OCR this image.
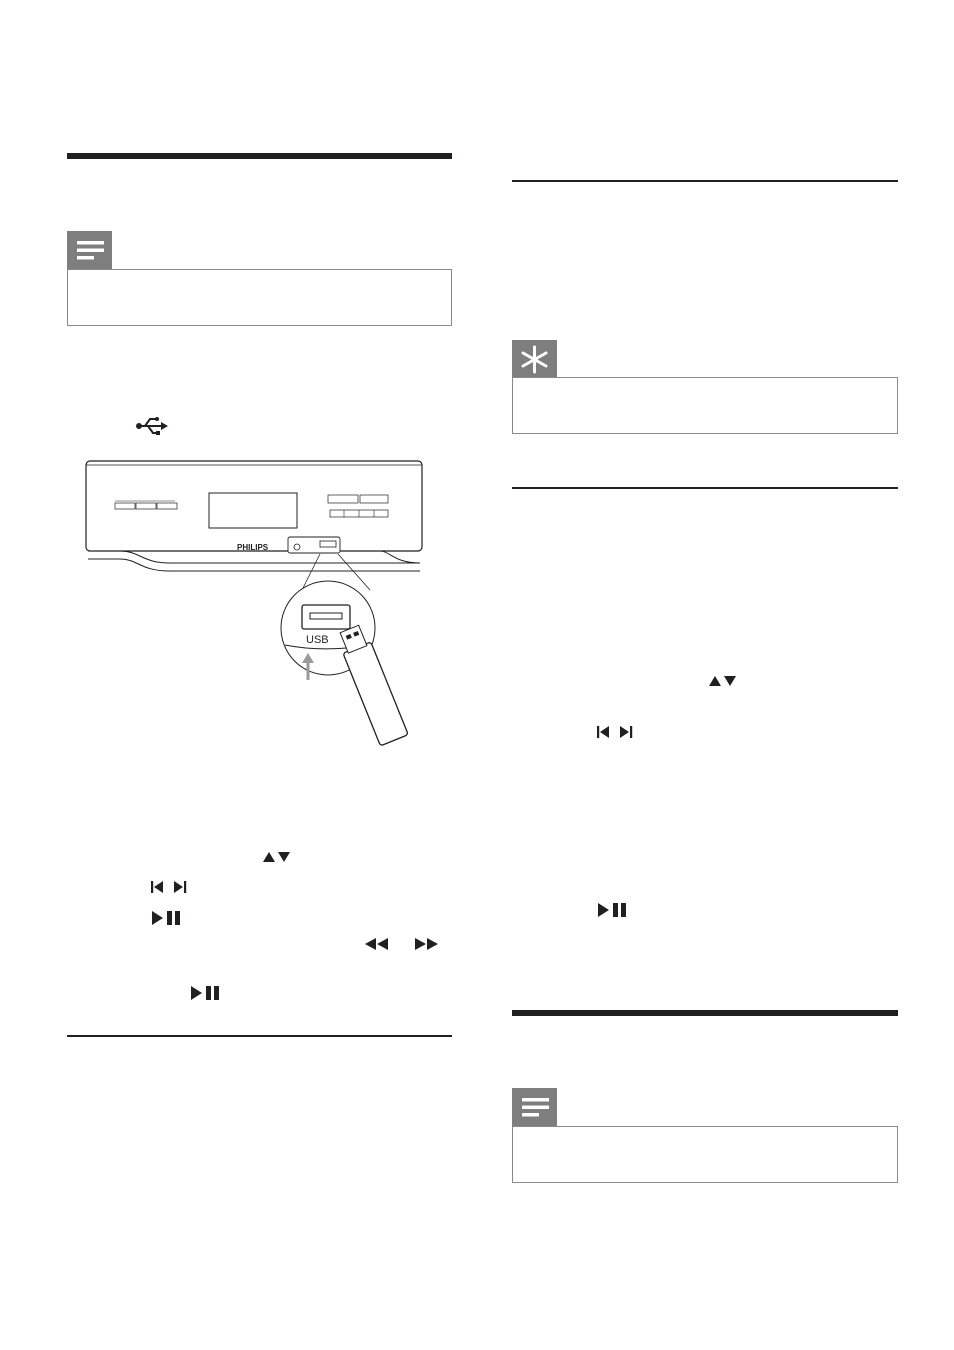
PHILIPS
USB
